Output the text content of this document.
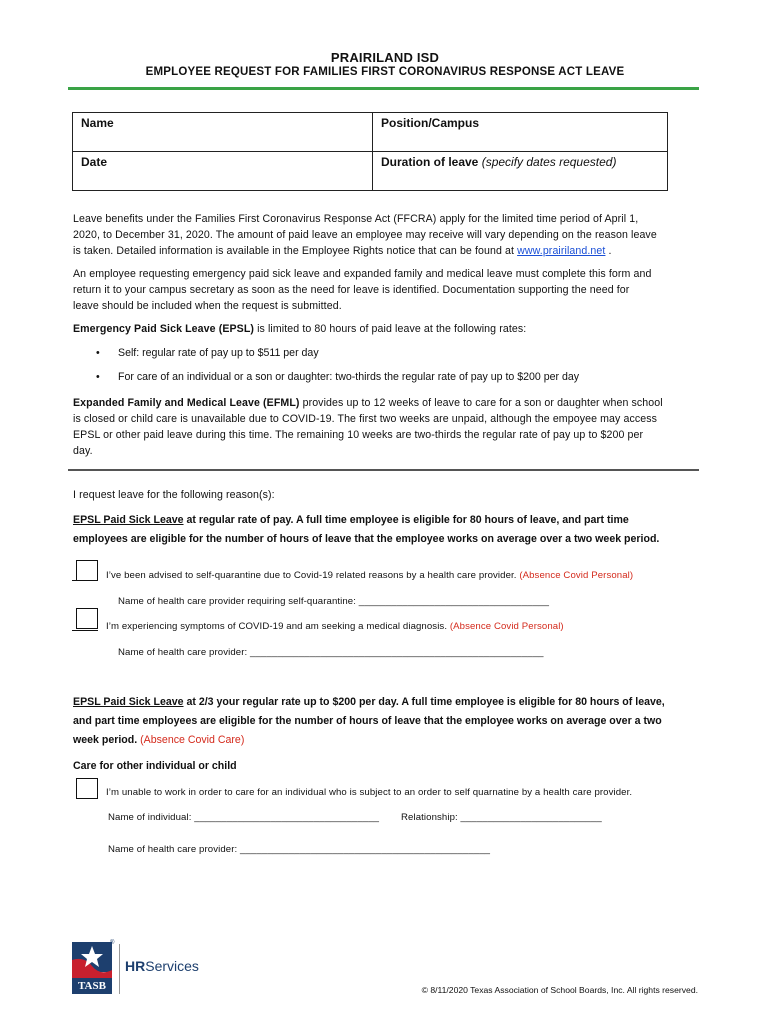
PRAIRILAND ISD
EMPLOYEE REQUEST FOR FAMILIES FIRST CORONAVIRUS RESPONSE ACT LEAVE
Name	Position/Campus
Date	Duration of leave (specify dates requested)
Leave benefits under the Families First Coronavirus Response Act (FFCRA) apply for the limited time period of April 1,
2020, to December 31, 2020. The amount of paid leave an employee may receive will vary depending on the reason leave
is taken. Detailed information is available in the Employee Rights notice that can be found at www.prairiland.net .
An employee requesting emergency paid sick leave and expanded family and medical leave must complete this form and
return it to your campus secretary as soon as the need for leave is identified. Documentation supporting the need for
leave should be included when the request is submitted.
Emergency Paid Sick Leave (EPSL) is limited to 80 hours of paid leave at the following rates:
• Self: regular rate of pay up to $511 per day
• For care of an individual or a son or daughter: two-thirds the regular rate of pay up to $200 per day
Expanded Family and Medical Leave (EFML) provides up to 12 weeks of leave to care for a son or daughter when school
is closed or child care is unavailable due to COVID-19. The first two weeks are unpaid, although the empoyee may access
EPSL or other paid leave during this time. The remaining 10 weeks are two-thirds the regular rate of pay up to $200 per
day.
I request leave for the following reason(s):
EPSL Paid Sick Leave at regular rate of pay. A full time employee is eligible for 80 hours of leave, and part time
employees are eligible for the number of hours of leave that the employee works on average over a two week period.
I’ve been advised to self-quarantine due to Covid-19 related reasons by a health care provider. (Absence Covid Personal)
Name of health care provider requiring self-quarantine: ___________________________________
I’m experiencing symptoms of COVID-19 and am seeking a medical diagnosis. (Absence Covid Personal)
Name of health care provider: ______________________________________________________
EPSL Paid Sick Leave at 2/3 your regular rate up to $200 per day. A full time employee is eligible for 80 hours of leave,
and part time employees are eligible for the number of hours of leave that the employee works on average over a two
week period. (Absence Covid Care)
Care for other individual or child
I’m unable to work in order to care for an individual who is subject to an order to self quarnatine by a health care provider.
Name of individual: __________________________________ Relationship: __________________________
Name of health care provider: ______________________________________________
TASB
®
HRServices
© 8/11/2020 Texas Association of School Boards, Inc. All rights reserved.
